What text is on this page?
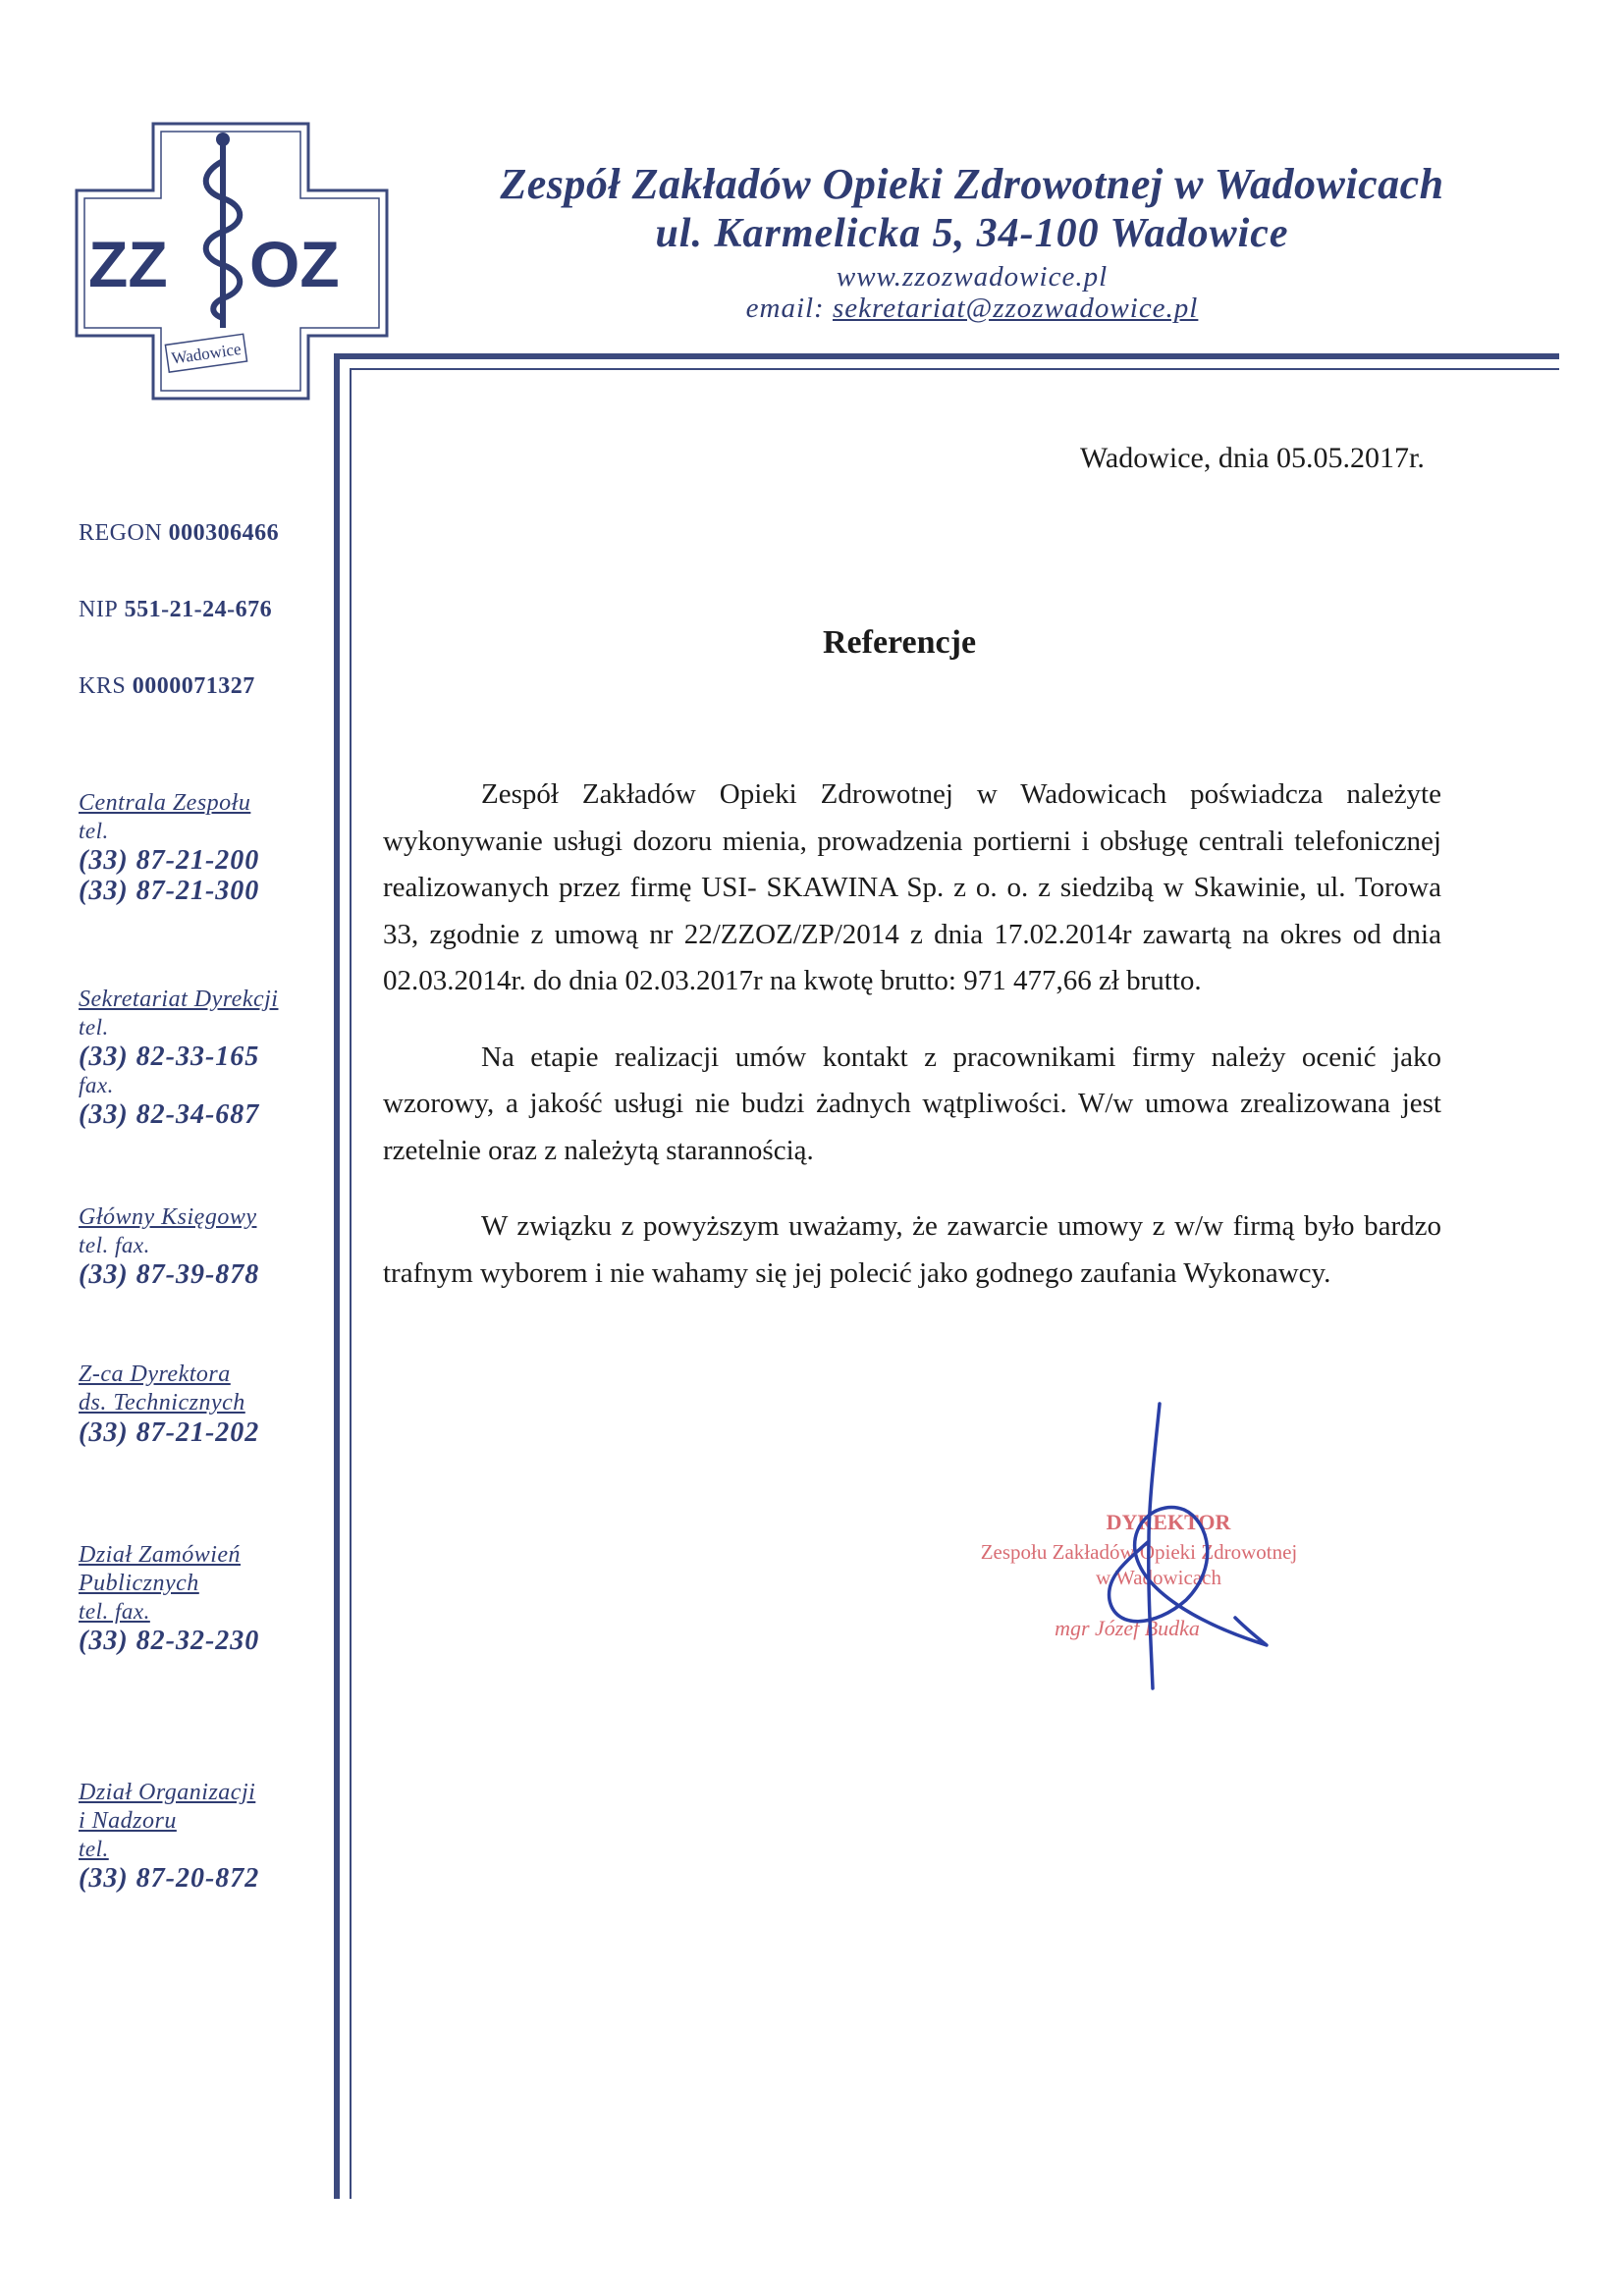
ZZ OZ
Wadowice
Zespół Zakładów Opieki Zdrowotnej w Wadowicach
ul. Karmelicka 5, 34-100 Wadowice
www.zzozwadowice.pl
email: sekretariat@zzozwadowice.pl
REGON 000306466
NIP 551-21-24-676
KRS 0000071327
Centrala Zespołu
tel.
(33) 87-21-200
(33) 87-21-300
Sekretariat Dyrekcji
tel.
(33) 82-33-165
fax.
(33) 82-34-687
Główny Księgowy
tel. fax.
(33) 87-39-878
Z-ca Dyrektora
ds. Technicznych
(33) 87-21-202
Dział Zamówień
Publicznych
tel. fax.
(33) 82-32-230
Dział Organizacji
i Nadzoru
tel.
(33) 87-20-872
Wadowice, dnia 05.05.2017r.
Referencje

Zespół Zakładów Opieki Zdrowotnej w Wadowicach poświadcza należyte wykonywanie usługi dozoru mienia, prowadzenia portierni i obsługę centrali telefonicznej realizowanych przez firmę USI- SKAWINA Sp. z o. o. z siedzibą w Skawinie, ul. Torowa 33, zgodnie z umową nr 22/ZZOZ/ZP/2014 z dnia 17.02.2014r zawartą na okres od dnia 02.03.2014r. do dnia 02.03.2017r na kwotę brutto: 971 477,66 zł brutto.

Na etapie realizacji umów kontakt z pracownikami firmy należy ocenić jako wzorowy, a jakość usługi nie budzi żadnych wątpliwości. W/w umowa zrealizowana jest rzetelnie oraz z należytą starannością.

W związku z powyższym uważamy, że zawarcie umowy z w/w firmą było bardzo trafnym wyborem i nie wahamy się jej polecić jako godnego zaufania Wykonawcy.

DYREKTOR
Zespołu Zakładów Opieki Zdrowotnej
w Wadowicach
mgr Józef Budka
